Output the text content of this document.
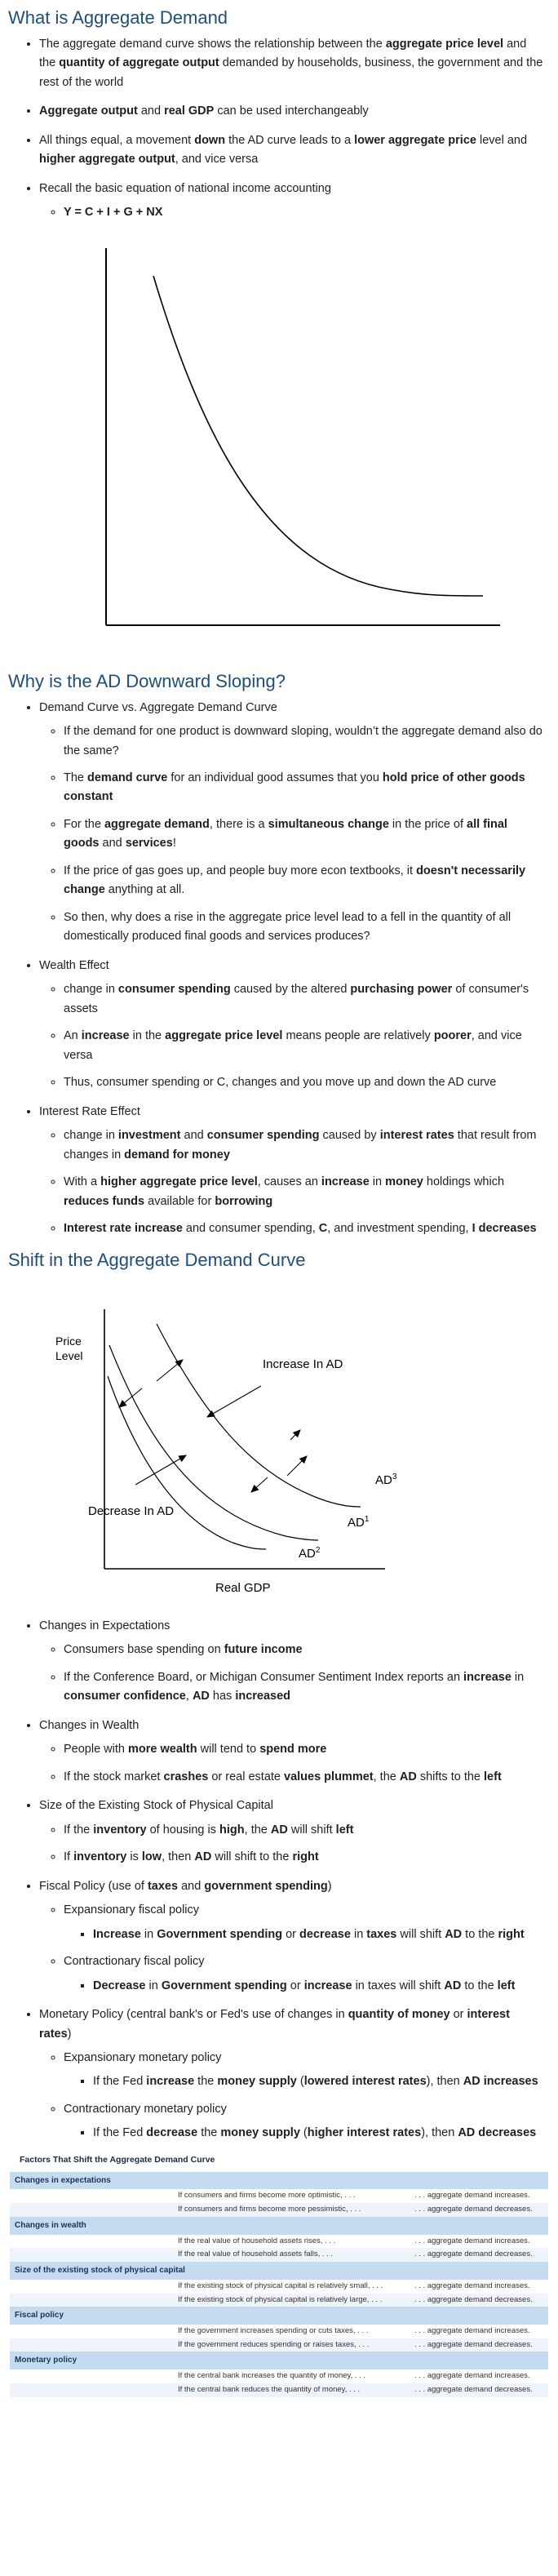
What is Aggregate Demand
• The aggregate demand curve shows the relationship between the aggregate price level and the quantity of aggregate output demanded by households, business, the government and the rest of the world
• Aggregate output and real GDP can be used interchangeably
• All things equal, a movement down the AD curve leads to a lower aggregate price level and higher aggregate output, and vice versa
• Recall the basic equation of national income accounting
◦ Y = C + I + G + NX
Why is the AD Downward Sloping?
• Demand Curve vs. Aggregate Demand Curve
◦ If the demand for one product is downward sloping, wouldn’t the aggregate demand also do the same?
◦ The demand curve for an individual good assumes that you hold price of other goods constant
◦ For the aggregate demand, there is a simultaneous change in the price of all final goods and services!
◦ If the price of gas goes up, and people buy more econ textbooks, it doesn't necessarily change anything at all.
◦ So then, why does a rise in the aggregate price level lead to a fell in the quantity of all domestically produced final goods and services produces?
• Wealth Effect
◦ change in consumer spending caused by the altered purchasing power of consumer's assets
◦ An increase in the aggregate price level means people are relatively poorer, and vice versa
◦ Thus, consumer spending or C, changes and you move up and down the AD curve
• Interest Rate Effect
◦ change in investment and consumer spending caused by interest rates that result from changes in demand for money
◦ With a higher aggregate price level, causes an increase in money holdings which reduces funds available for borrowing
◦ Interest rate increase and consumer spending, C, and investment spending, I decreases
Shift in the Aggregate Demand Curve
Increase In AD
Decrease In AD
$AD^3$
$AD^1$
$AD^2$
Price
Level
Real GDP
• Changes in Expectations
◦ Consumers base spending on future income
◦ If the Conference Board, or Michigan Consumer Sentiment Index reports an increase in consumer confidence, AD has increased
• Changes in Wealth
◦ People with more wealth will tend to spend more
◦ If the stock market crashes or real estate values plummet, the AD shifts to the left
• Size of the Existing Stock of Physical Capital
◦ If the inventory of housing is high, the AD will shift left
◦ If inventory is low, then AD will shift to the right
• Fiscal Policy (use of taxes and government spending)
◦ Expansionary fiscal policy
▪ Increase in Government spending or decrease in taxes will shift AD to the right
◦ Contractionary fiscal policy
▪ Decrease in Government spending or increase in taxes will shift AD to the left
• Monetary Policy (central bank's or Fed's use of changes in quantity of money or interest rates)
◦ Expansionary monetary policy
▪ If the Fed increase the money supply (lowered interest rates), then AD increases
◦ Contractionary monetary policy
▪ If the Fed decrease the money supply (higher interest rates), then AD decreases
Factors That Shift the Aggregate Demand Curve
Changes in expectations		
	If consumers and firms become more optimistic, . . .	. . . aggregate demand increases.
	If consumers and firms become more pessimistic, . . .	. . . aggregate demand decreases.
Changes in wealth		
	If the real value of household assets rises, . . .	. . . aggregate demand increases.
	If the real value of household assets falls, . . .	. . . aggregate demand decreases.
Size of the existing stock of physical capital		
	If the existing stock of physical capital is relatively small, . . .	. . . aggregate demand increases.
	If the existing stock of physical capital is relatively large, . . .	. . . aggregate demand decreases.
Fiscal policy		
	If the government increases spending or cuts taxes, . . .	. . . aggregate demand increases.
	If the government reduces spending or raises taxes, . . .	. . . aggregate demand decreases.
Monetary policy		
	If the central bank increases the quantity of money, . . .	. . . aggregate demand increases.
	If the central bank reduces the quantity of money, . . .	. . . aggregate demand decreases.
